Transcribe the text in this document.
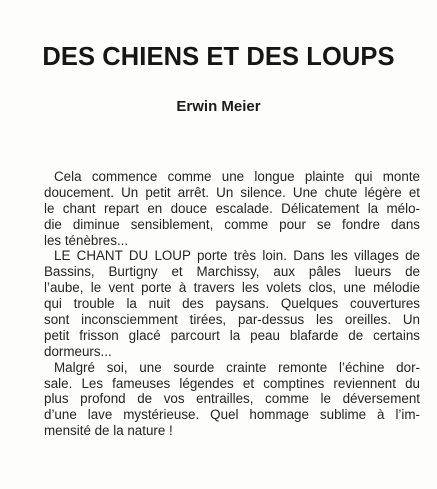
DES CHIENS ET DES LOUPS
Erwin Meier
Cela commence comme une longue plainte qui monte
doucement. Un petit arrêt. Un silence. Une chute légère et
le chant repart en douce escalade. Délicatement la mélo-
die diminue sensiblement, comme pour se fondre dans
les ténèbres...
LE CHANT DU LOUP porte très loin. Dans les villages de
Bassins, Burtigny et Marchissy, aux pâles lueurs de
l’aube, le vent porte à travers les volets clos, une mélodie
qui trouble la nuit des paysans. Quelques couvertures
sont inconsciemment tirées, par-dessus les oreilles. Un
petit frisson glacé parcourt la peau blafarde de certains
dormeurs...
Malgré soi, une sourde crainte remonte l’échine dor-
sale. Les fameuses légendes et comptines reviennent du
plus profond de vos entrailles, comme le déversement
d’une lave mystérieuse. Quel hommage sublime à l’im-
mensité de la nature !
